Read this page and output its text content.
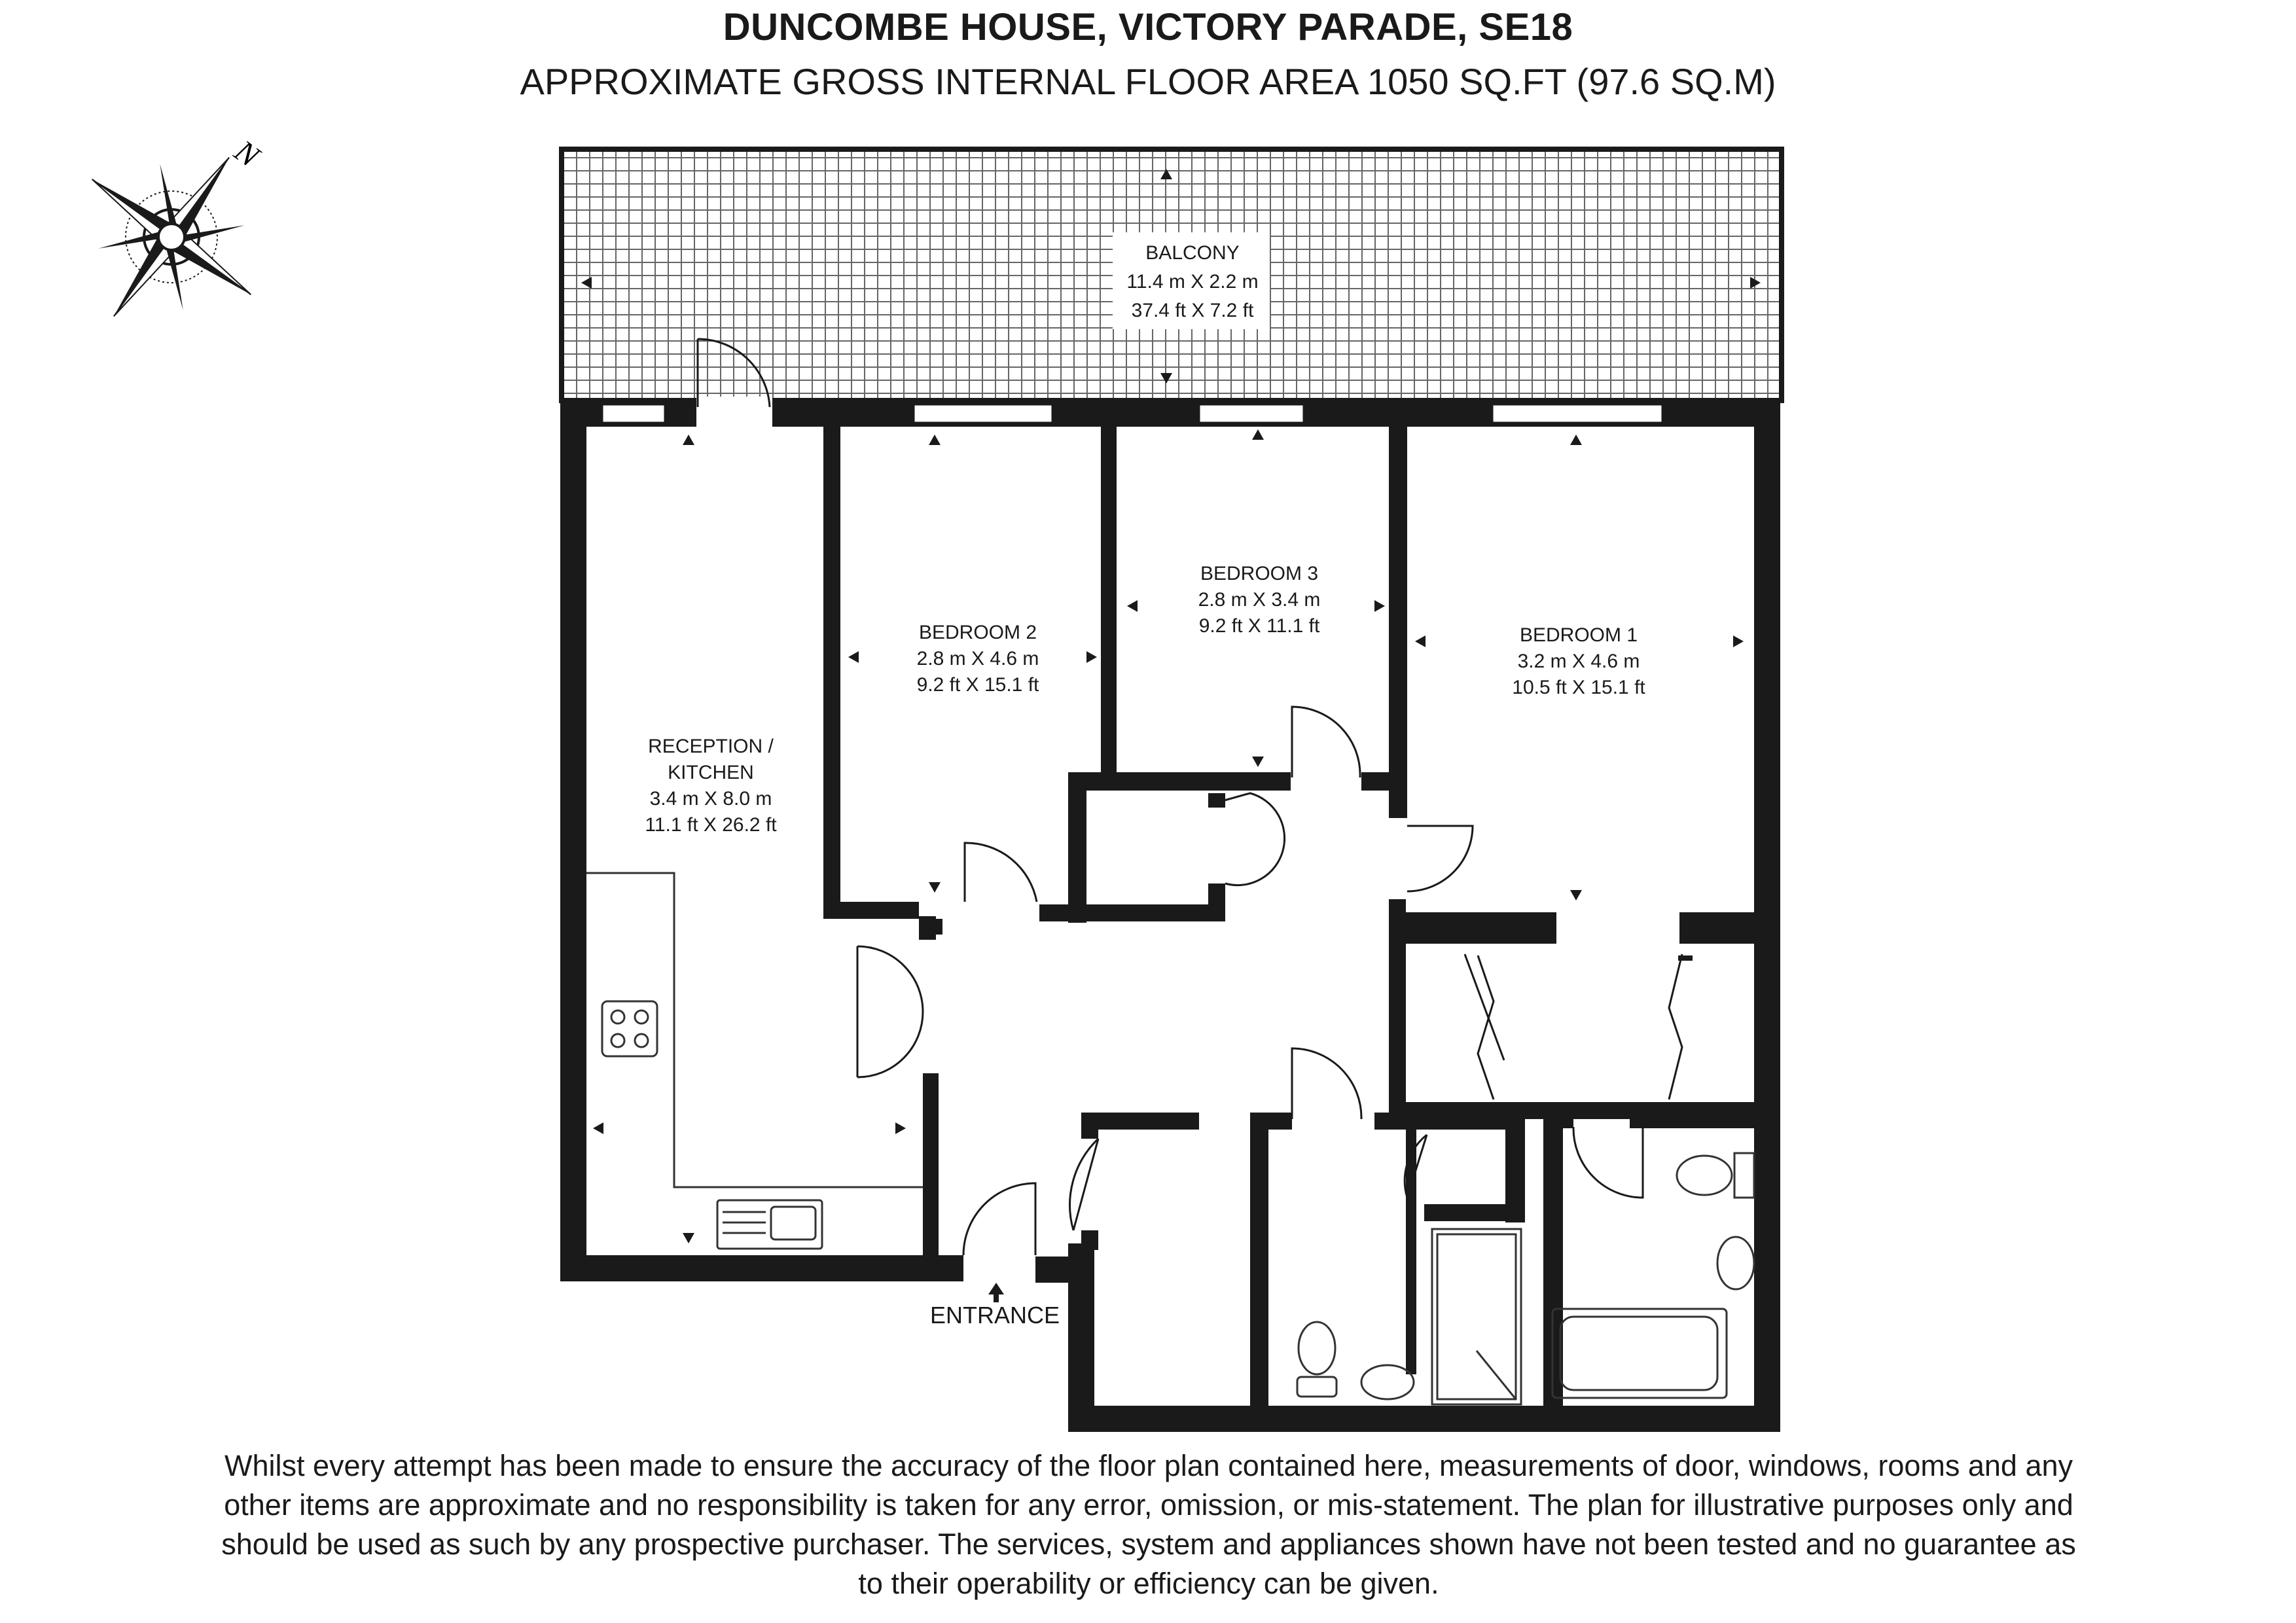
DUNCOMBE HOUSE, VICTORY PARADE, SE18
APPROXIMATE GROSS INTERNAL FLOOR AREA 1050 SQ.FT (97.6 SQ.M)
N
BALCONY
11.4 m X 2.2 m
37.4 ft X 7.2 ft
BEDROOM 2
2.8 m X 4.6 m
9.2 ft X 15.1 ft
BEDROOM 3
2.8 m X 3.4 m
9.2 ft X 11.1 ft	BEDROOM 1
3.2 m X 4.6 m
10.5 ft X 15.1 ft
RECEPTION /
KITCHEN
3.4 m X 8.0 m
11.1 ft X 26.2 ft
ENTRANCE
Whilst every attempt has been made to ensure the accuracy of the floor plan contained here, measurements of door, windows, rooms and any
other items are approximate and no responsibility is taken for any error, omission, or mis-statement. The plan for illustrative purposes only and
should be used as such by any prospective purchaser. The services, system and appliances shown have not been tested and no guarantee as
to their operability or efficiency can be given.
